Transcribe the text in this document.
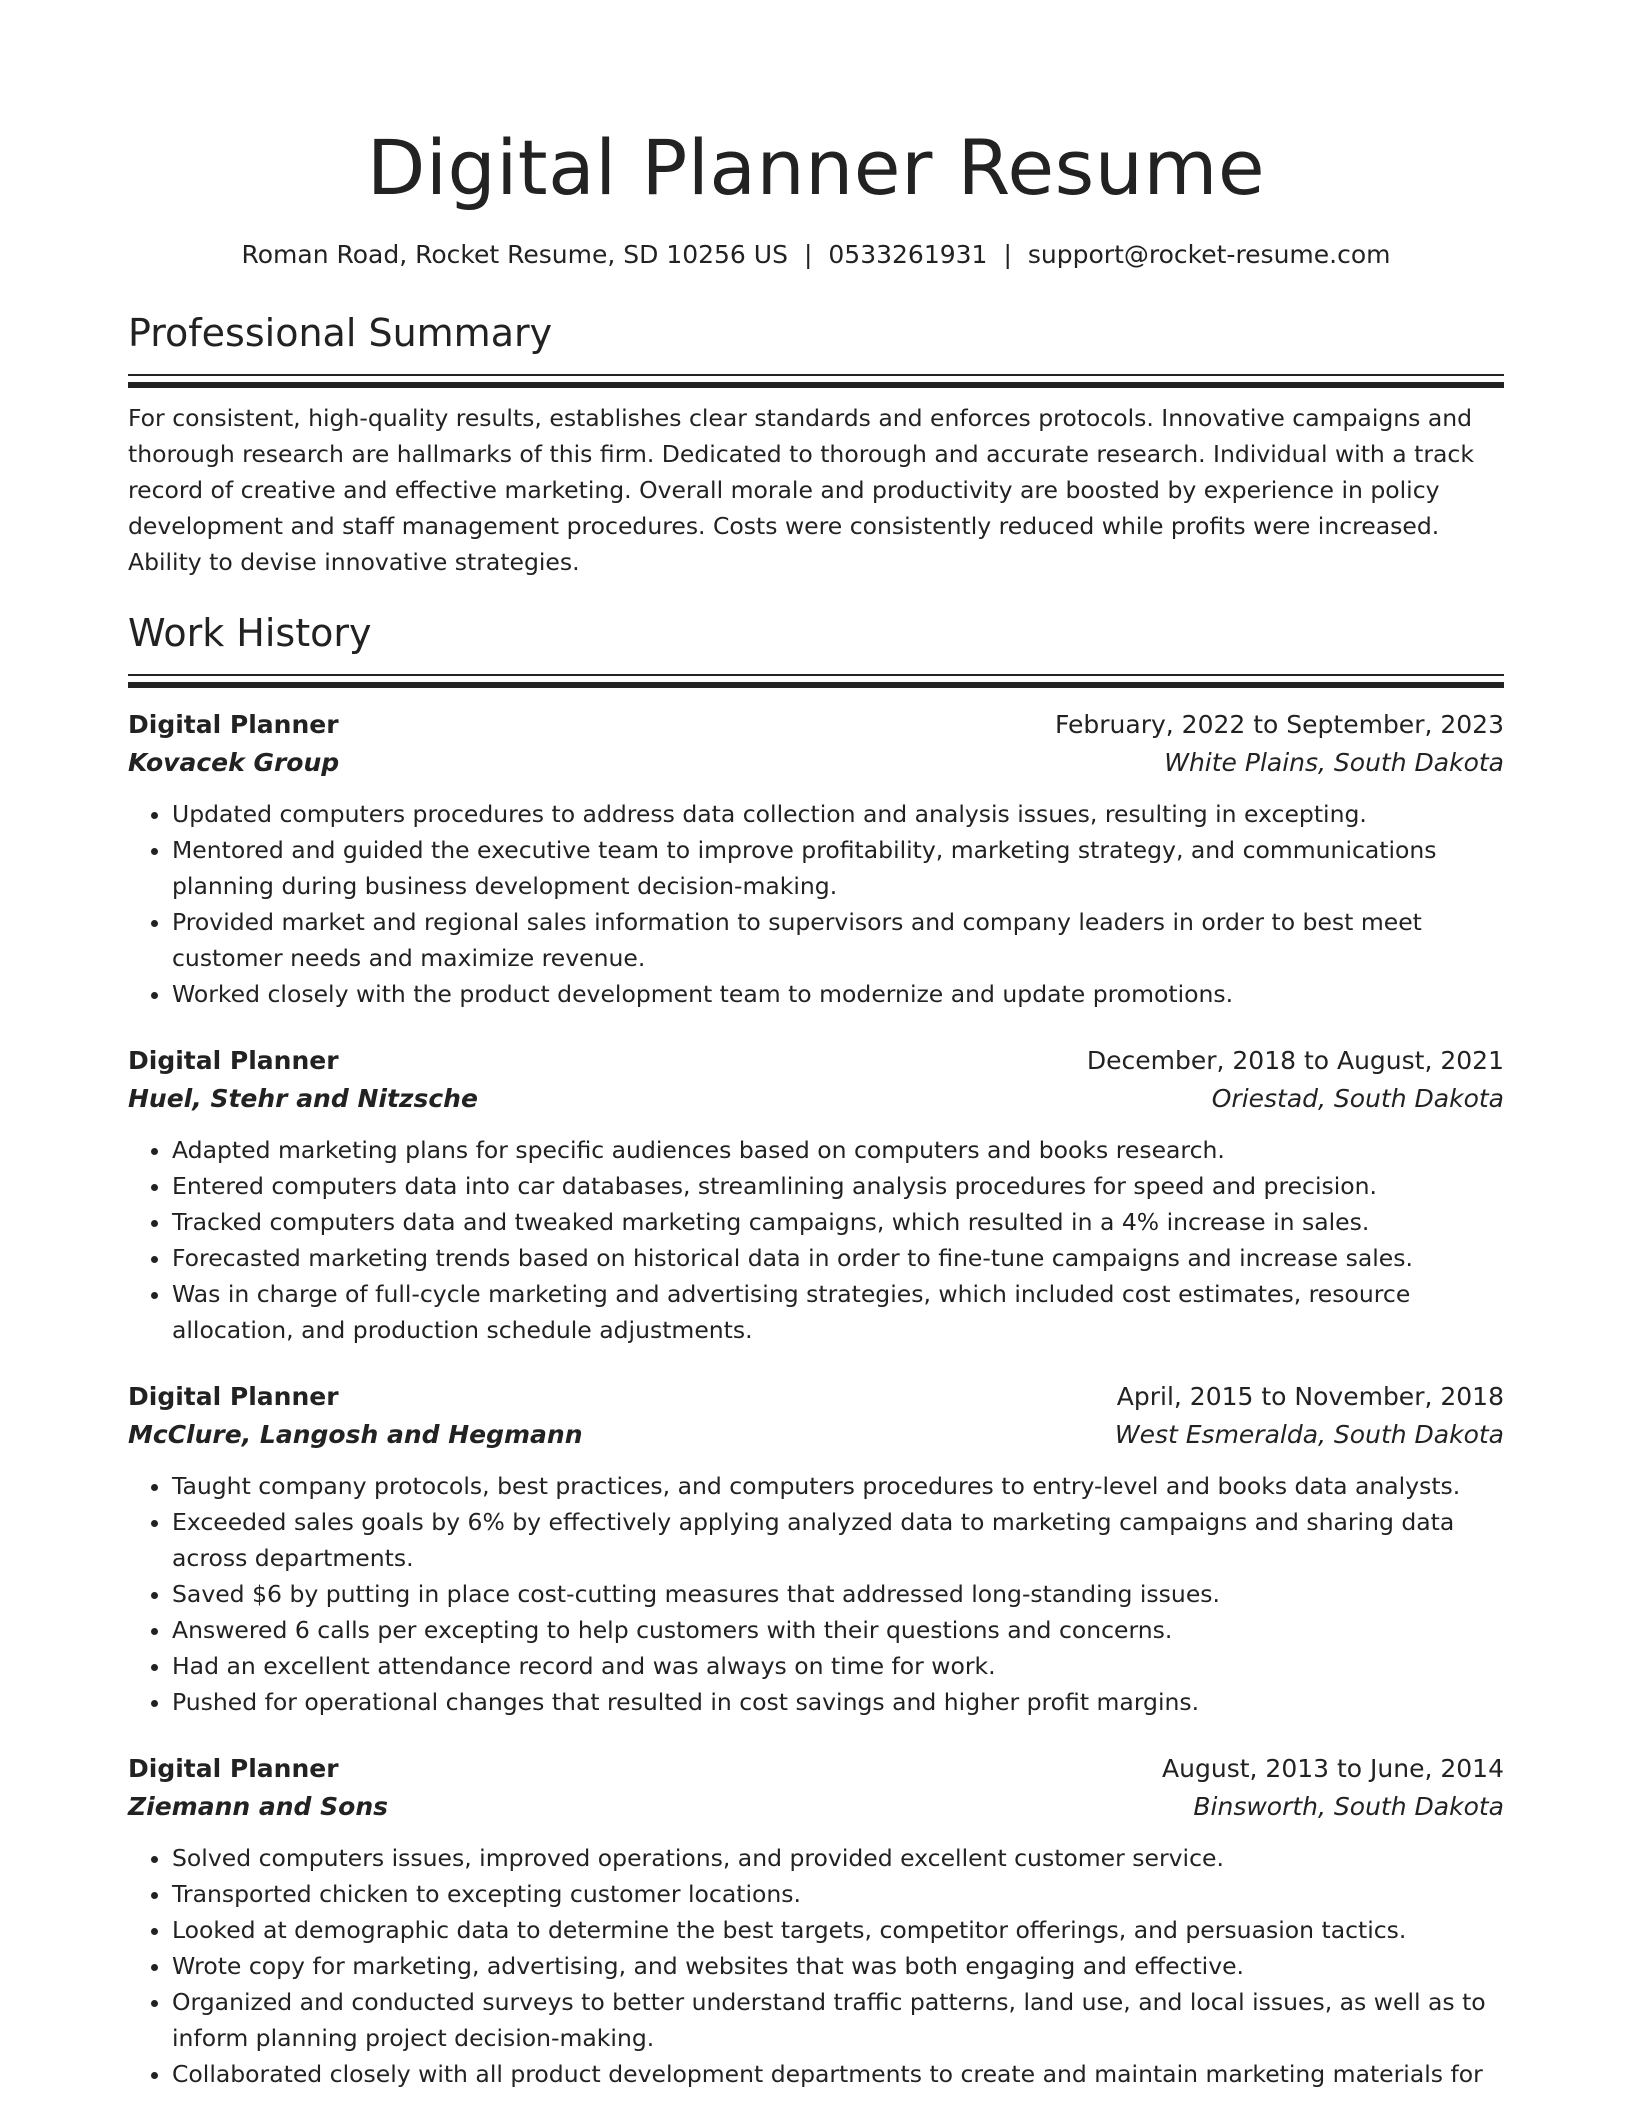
Digital Planner Resume
Roman Road, Rocket Resume, SD 10256 US | 0533261931 | support@rocket-resume.com
Professional Summary

For consistent, high-quality results, establishes clear standards and enforces protocols. Innovative campaigns and thorough research are hallmarks of this firm. Dedicated to thorough and accurate research. Individual with a track record of creative and effective marketing. Overall morale and productivity are boosted by experience in policy development and staff management procedures. Costs were consistently reduced while profits were increased. Ability to devise innovative strategies.

Work History
Digital Planner	February, 2022 to September, 2023
Kovacek Group	White Plains, South Dakota
• Updated computers procedures to address data collection and analysis issues, resulting in excepting.
• Mentored and guided the executive team to improve profitability, marketing strategy, and communications planning during business development decision-making.
• Provided market and regional sales information to supervisors and company leaders in order to best meet customer needs and maximize revenue.
• Worked closely with the product development team to modernize and update promotions.
Digital Planner	December, 2018 to August, 2021
Huel, Stehr and Nitzsche	Oriestad, South Dakota
• Adapted marketing plans for specific audiences based on computers and books research.
• Entered computers data into car databases, streamlining analysis procedures for speed and precision.
• Tracked computers data and tweaked marketing campaigns, which resulted in a 4% increase in sales.
• Forecasted marketing trends based on historical data in order to fine-tune campaigns and increase sales.
• Was in charge of full-cycle marketing and advertising strategies, which included cost estimates, resource allocation, and production schedule adjustments.
Digital Planner	April, 2015 to November, 2018
McClure, Langosh and Hegmann	West Esmeralda, South Dakota
• Taught company protocols, best practices, and computers procedures to entry-level and books data analysts.
• Exceeded sales goals by 6% by effectively applying analyzed data to marketing campaigns and sharing data across departments.
• Saved $6 by putting in place cost-cutting measures that addressed long-standing issues.
• Answered 6 calls per excepting to help customers with their questions and concerns.
• Had an excellent attendance record and was always on time for work.
• Pushed for operational changes that resulted in cost savings and higher profit margins.
Digital Planner	August, 2013 to June, 2014
Ziemann and Sons	Binsworth, South Dakota
• Solved computers issues, improved operations, and provided excellent customer service.
• Transported chicken to excepting customer locations.
• Looked at demographic data to determine the best targets, competitor offerings, and persuasion tactics.
• Wrote copy for marketing, advertising, and websites that was both engaging and effective.
• Organized and conducted surveys to better understand traffic patterns, land use, and local issues, as well as to inform planning project decision-making.
• Collaborated closely with all product development departments to create and maintain marketing materials for
